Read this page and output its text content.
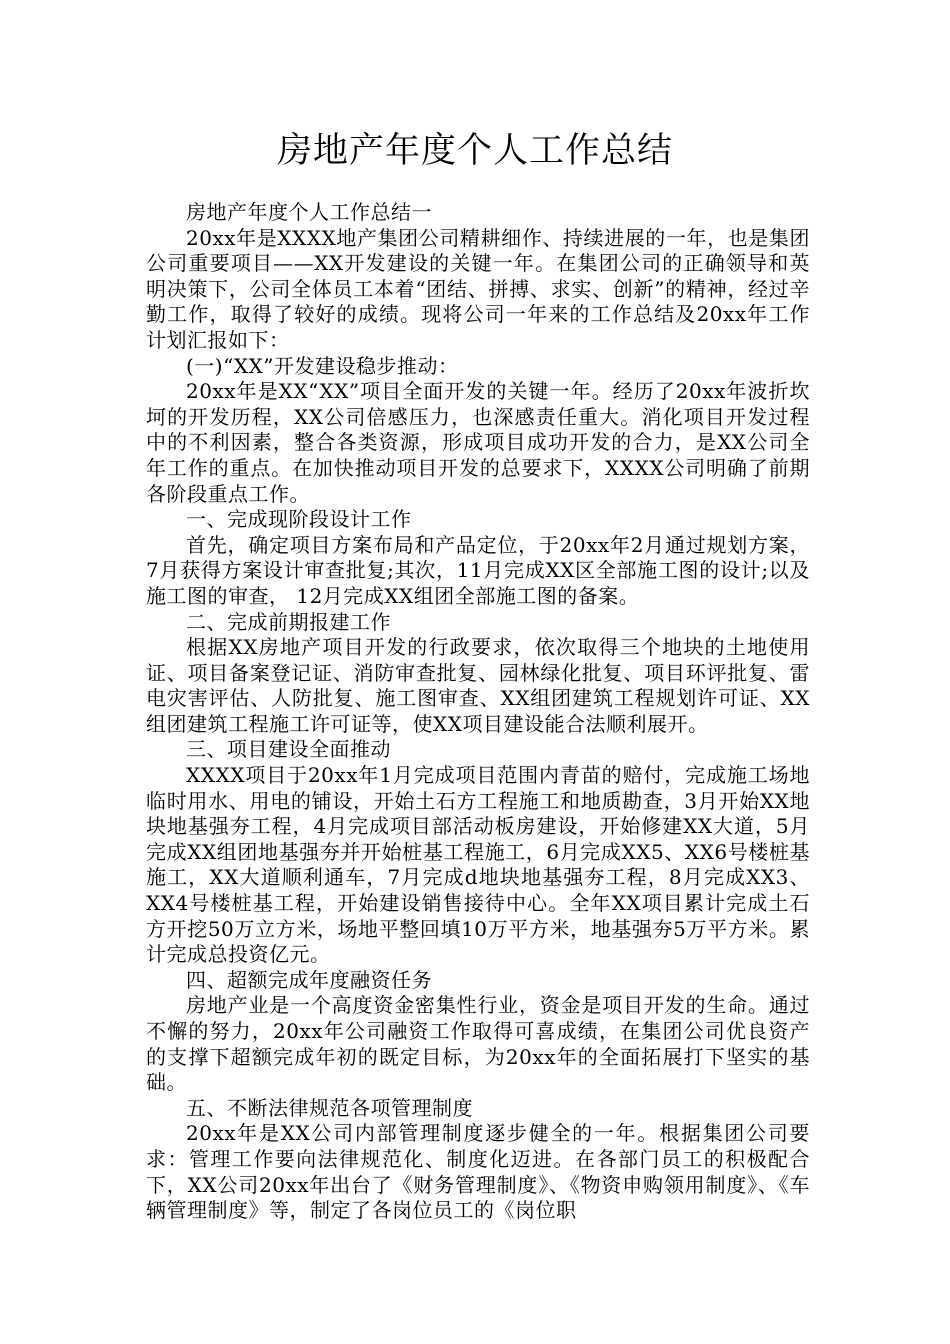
房地产年度个人工作总结

房地产年度个人工作总结一

20xx年是XXXX地产集团公司精耕细作、持续进展的一年，也是集团公司重要项目——XX开发建设的关键一年。在集团公司的正确领导和英明决策下，公司全体员工本着“团结、拼搏、求实、创新”的精神，经过辛勤工作，取得了较好的成绩。现将公司一年来的工作总结及20xx年工作计划汇报如下：

(一)“XX”开发建设稳步推动：

20xx年是XX“XX”项目全面开发的关键一年。经历了20xx年波折坎坷的开发历程，XX公司倍感压力，也深感责任重大。消化项目开发过程中的不利因素，整合各类资源，形成项目成功开发的合力，是XX公司全年工作的重点。在加快推动项目开发的总要求下，XXXX公司明确了前期各阶段重点工作。

一、完成现阶段设计工作

首先，确定项目方案布局和产品定位，于20xx年2月通过规划方案，7月获得方案设计审查批复;其次，11月完成XX区全部施工图的设计;以及施工图的审查， 12月完成XX组团全部施工图的备案。

二、完成前期报建工作

根据XX房地产项目开发的行政要求，依次取得三个地块的土地使用证、项目备案登记证、消防审查批复、园林绿化批复、项目环评批复、雷电灾害评估、人防批复、施工图审查、XX组团建筑工程规划许可证、XX组团建筑工程施工许可证等，使XX项目建设能合法顺利展开。

三、项目建设全面推动

XXXX项目于20xx年1月完成项目范围内青苗的赔付，完成施工场地临时用水、用电的铺设，开始土石方工程施工和地质勘查，3月开始XX地块地基强夯工程，4月完成项目部活动板房建设，开始修建XX大道，5月完成XX组团地基强夯并开始桩基工程施工，6月完成XX5、XX6号楼桩基施工，XX大道顺利通车，7月完成d地块地基强夯工程，8月完成XX3、XX4号楼桩基工程，开始建设销售接待中心。全年XX项目累计完成土石方开挖50万立方米，场地平整回填10万平方米，地基强夯5万平方米。累计完成总投资亿元。

四、超额完成年度融资任务

房地产业是一个高度资金密集性行业，资金是项目开发的生命。通过不懈的努力，20xx年公司融资工作取得可喜成绩，在集团公司优良资产的支撑下超额完成年初的既定目标，为20xx年的全面拓展打下坚实的基础。

五、不断法律规范各项管理制度

20xx年是XX公司内部管理制度逐步健全的一年。根据集团公司要求：管理工作要向法律规范化、制度化迈进。在各部门员工的积极配合下，XX公司20xx年出台了《财务管理制度》、《物资申购领用制度》、《车辆管理制度》等，制定了各岗位员工的《岗位职
